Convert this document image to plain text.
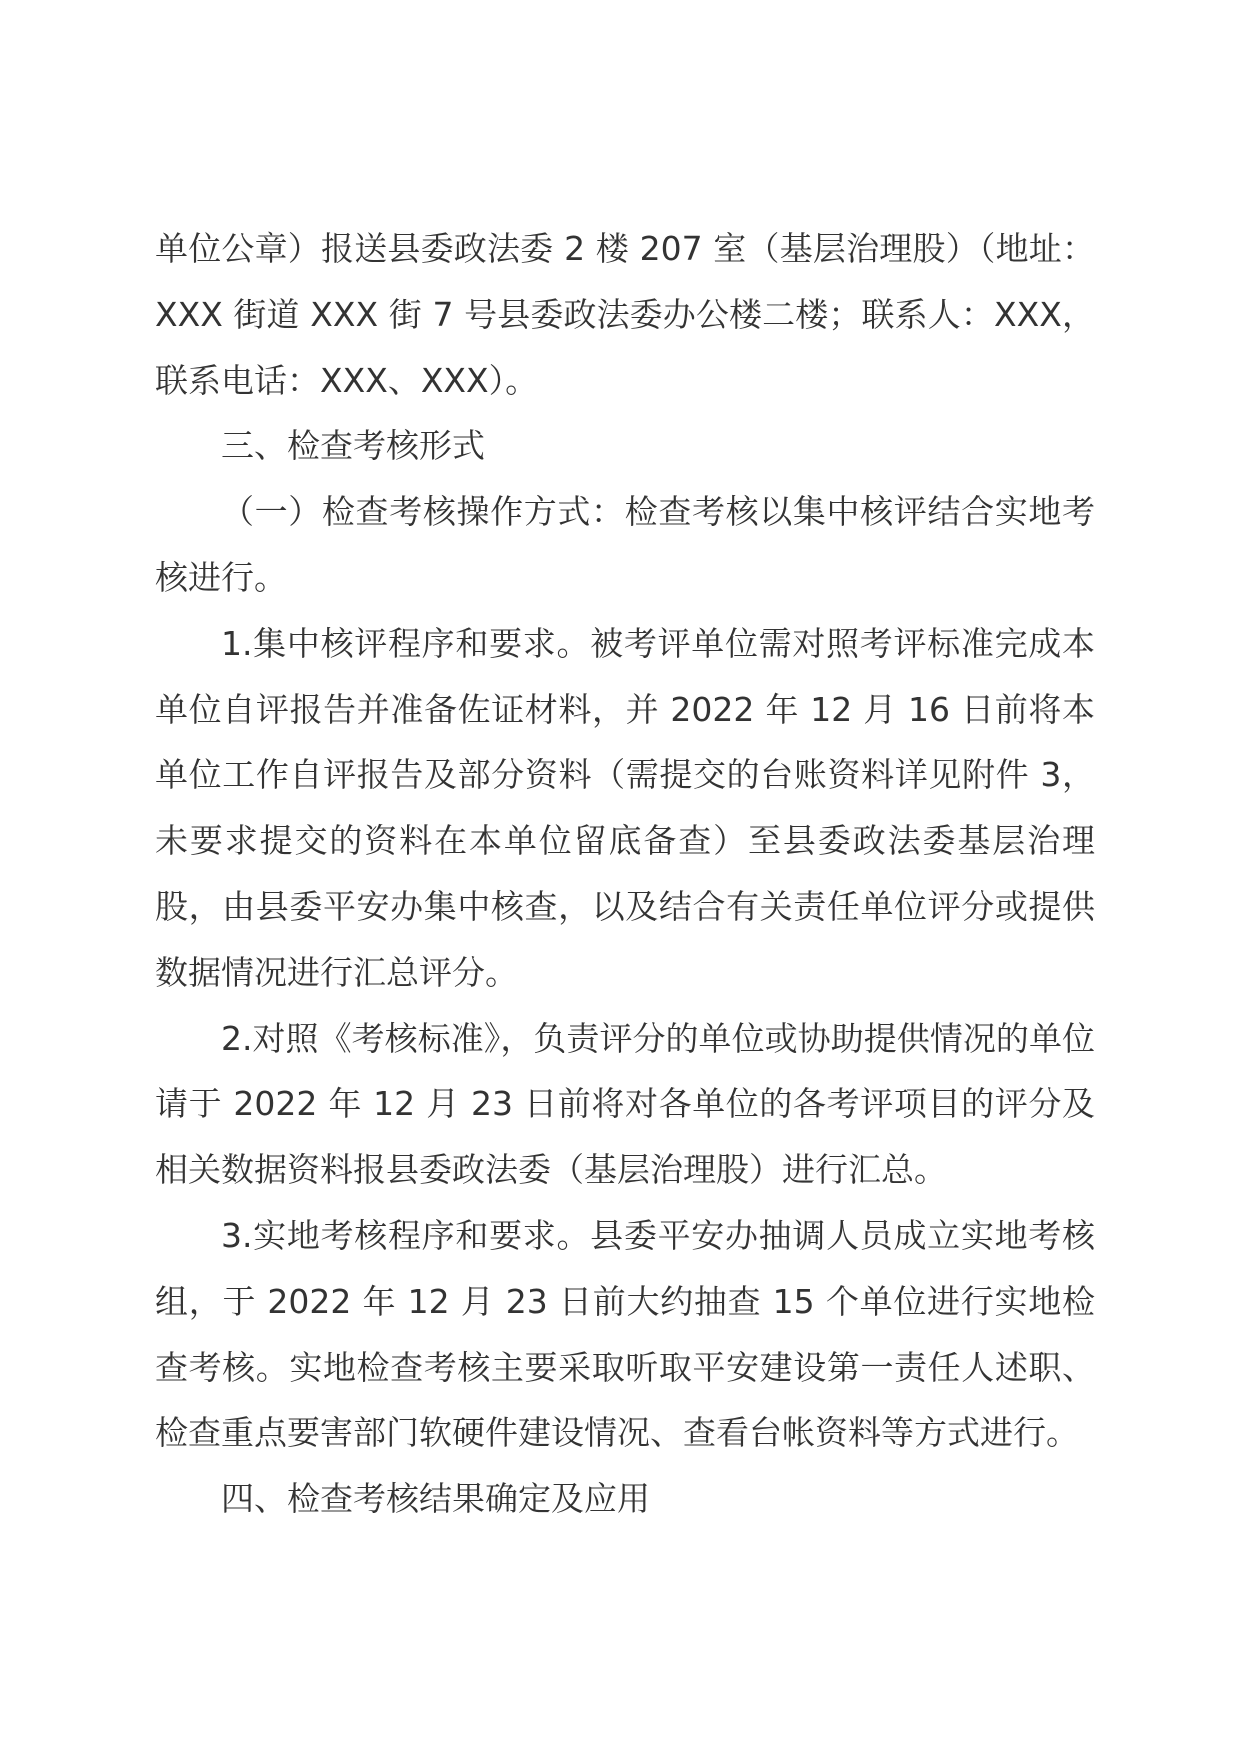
单位公章）报送县委政法委 2 楼 207 室（基层治理股）（地址：XXX 街道 XXX 街 7 号县委政法委办公楼二楼；联系人：XXX，联系电话：XXX、XXX）。

三、检查考核形式

（一）检查考核操作方式：检查考核以集中核评结合实地考核进行。

1.集中核评程序和要求。被考评单位需对照考评标准完成本单位自评报告并准备佐证材料，并 2022 年 12 月 16 日前将本单位工作自评报告及部分资料（需提交的台账资料详见附件 3，未要求提交的资料在本单位留底备查）至县委政法委基层治理股，由县委平安办集中核查，以及结合有关责任单位评分或提供数据情况进行汇总评分。

2.对照《考核标准》，负责评分的单位或协助提供情况的单位请于 2022 年 12 月 23 日前将对各单位的各考评项目的评分及相关数据资料报县委政法委（基层治理股）进行汇总。

3.实地考核程序和要求。县委平安办抽调人员成立实地考核组，于 2022 年 12 月 23 日前大约抽查 15 个单位进行实地检查考核。实地检查考核主要采取听取平安建设第一责任人述职、检查重点要害部门软硬件建设情况、查看台帐资料等方式进行。

四、检查考核结果确定及应用
